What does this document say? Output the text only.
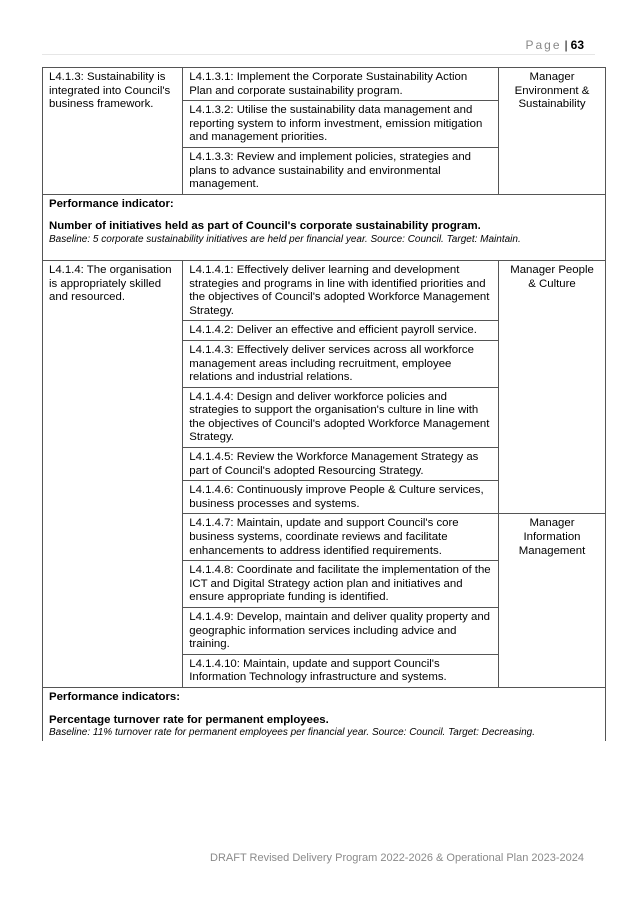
Page | 63
L4.1.3: Sustainability is integrated into Council's business framework.	L4.1.3.1: Implement the Corporate Sustainability Action Plan and corporate sustainability program.	Manager Environment & Sustainability
	L4.1.3.2: Utilise the sustainability data management and reporting system to inform investment, emission mitigation and management priorities.	
	L4.1.3.3: Review and implement policies, strategies and plans to advance sustainability and environmental management.	

Performance indicator:
Number of initiatives held as part of Council's corporate sustainability program.
Baseline: 5 corporate sustainability initiatives are held per financial year. Source: Council. Target: Maintain.		

L4.1.4: The organisation is appropriately skilled and resourced.	L4.1.4.1: Effectively deliver learning and development strategies and programs in line with identified priorities and the objectives of Council's adopted Workforce Management Strategy.	Manager People & Culture
	L4.1.4.2: Deliver an effective and efficient payroll service.	
	L4.1.4.3: Effectively deliver services across all workforce management areas including recruitment, employee relations and industrial relations.	
	L4.1.4.4: Design and deliver workforce policies and strategies to support the organisation's culture in line with the objectives of Council's adopted Workforce Management Strategy.	
	L4.1.4.5: Review the Workforce Management Strategy as part of Council's adopted Resourcing Strategy.	
	L4.1.4.6: Continuously improve People & Culture services, business processes and systems.	
	L4.1.4.7: Maintain, update and support Council's core business systems, coordinate reviews and facilitate enhancements to address identified requirements.	Manager Information Management
	L4.1.4.8: Coordinate and facilitate the implementation of the ICT and Digital Strategy action plan and initiatives and ensure appropriate funding is identified.	
	L4.1.4.9: Develop, maintain and deliver quality property and geographic information services including advice and training.	
	L4.1.4.10: Maintain, update and support Council's Information Technology infrastructure and systems.	

Performance indicators:
Percentage turnover rate for permanent employees.
Baseline: 11% turnover rate for permanent employees per financial year. Source: Council. Target: Decreasing.		
DRAFT Revised Delivery Program 2022-2026 & Operational Plan 2023-2024
